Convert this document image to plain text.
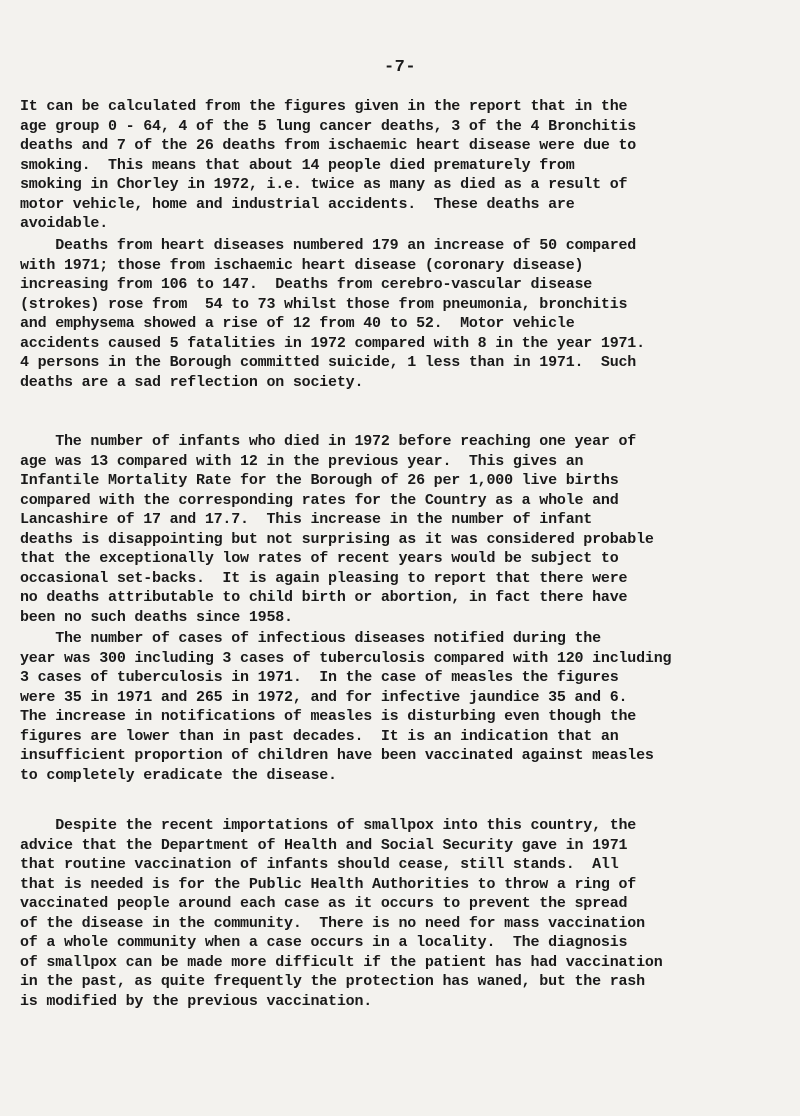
-7-
It can be calculated from the figures given in the report that in the
age group 0 - 64, 4 of the 5 lung cancer deaths, 3 of the 4 Bronchitis
deaths and 7 of the 26 deaths from ischaemic heart disease were due to
smoking.  This means that about 14 people died prematurely from
smoking in Chorley in 1972, i.e. twice as many as died as a result of
motor vehicle, home and industrial accidents.  These deaths are
avoidable.
Deaths from heart diseases numbered 179 an increase of 50 compared
with 1971; those from ischaemic heart disease (coronary disease)
increasing from 106 to 147.  Deaths from cerebro-vascular disease
(strokes) rose from  54 to 73 whilst those from pneumonia, bronchitis
and emphysema showed a rise of 12 from 40 to 52.  Motor vehicle
accidents caused 5 fatalities in 1972 compared with 8 in the year 1971.
4 persons in the Borough committed suicide, 1 less than in 1971.  Such
deaths are a sad reflection on society.
The number of infants who died in 1972 before reaching one year of
age was 13 compared with 12 in the previous year.  This gives an
Infantile Mortality Rate for the Borough of 26 per 1,000 live births
compared with the corresponding rates for the Country as a whole and
Lancashire of 17 and 17.7.  This increase in the number of infant
deaths is disappointing but not surprising as it was considered probable
that the exceptionally low rates of recent years would be subject to
occasional set-backs.  It is again pleasing to report that there were
no deaths attributable to child birth or abortion, in fact there have
been no such deaths since 1958.
The number of cases of infectious diseases notified during the
year was 300 including 3 cases of tuberculosis compared with 120 including
3 cases of tuberculosis in 1971.  In the case of measles the figures
were 35 in 1971 and 265 in 1972, and for infective jaundice 35 and 6.
The increase in notifications of measles is disturbing even though the
figures are lower than in past decades.  It is an indication that an
insufficient proportion of children have been vaccinated against measles
to completely eradicate the disease.
Despite the recent importations of smallpox into this country, the
advice that the Department of Health and Social Security gave in 1971
that routine vaccination of infants should cease, still stands.  All
that is needed is for the Public Health Authorities to throw a ring of
vaccinated people around each case as it occurs to prevent the spread
of the disease in the community.  There is no need for mass vaccination
of a whole community when a case occurs in a locality.  The diagnosis
of smallpox can be made more difficult if the patient has had vaccination
in the past, as quite frequently the protection has waned, but the rash
is modified by the previous vaccination.
